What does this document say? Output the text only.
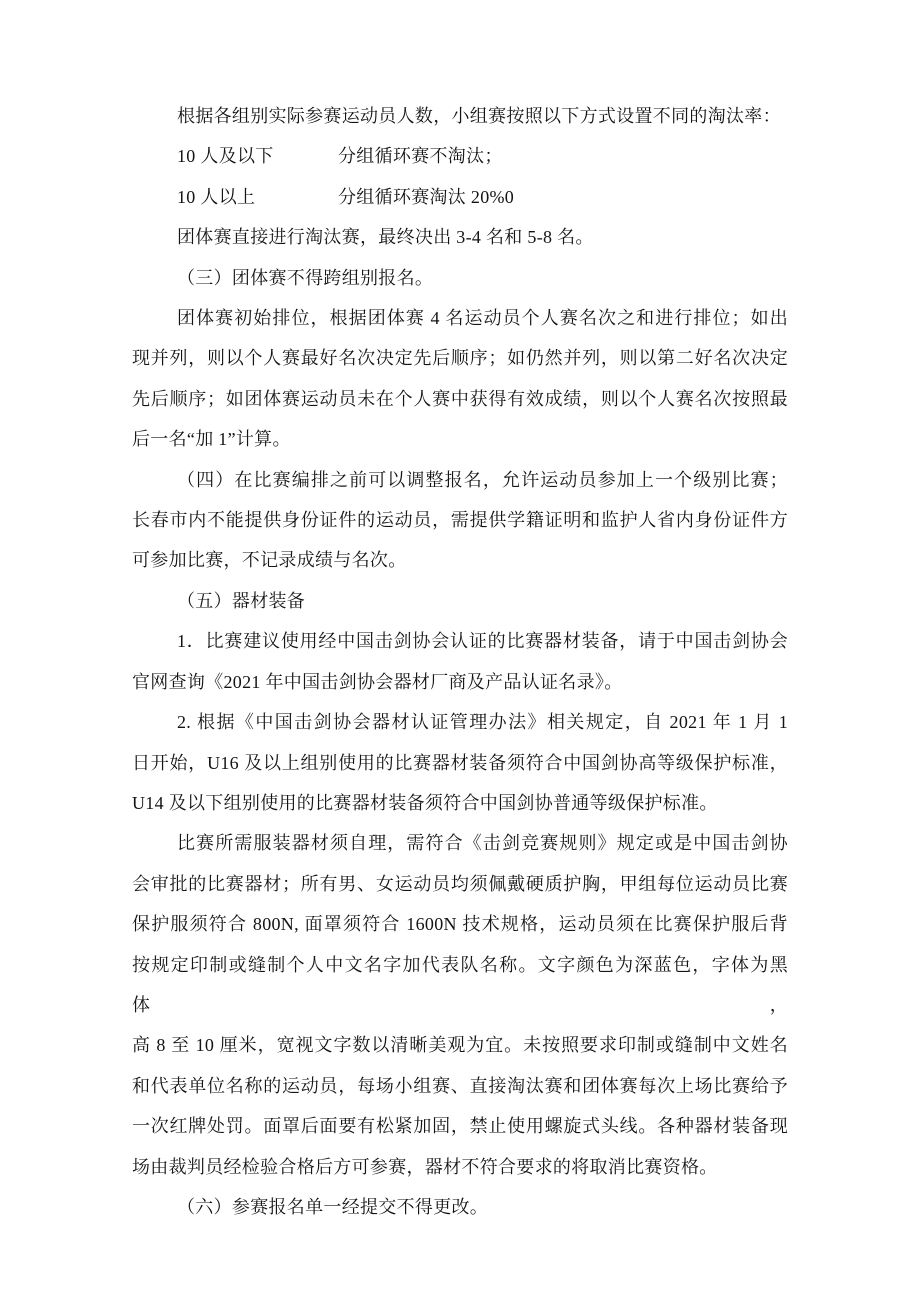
根据各组别实际参赛运动员人数，小组赛按照以下方式设置不同的淘汰率：
10 人及以下	分组循环赛不淘汰；
10 人以上	分组循环赛淘汰 20%0
团体赛直接进行淘汰赛，最终决出 3-4 名和 5-8 名。
（三）团体赛不得跨组别报名。
团体赛初始排位，根据团体赛 4 名运动员个人赛名次之和进行排位；如出
现并列，则以个人赛最好名次决定先后顺序；如仍然并列，则以第二好名次决定
先后顺序；如团体赛运动员未在个人赛中获得有效成绩，则以个人赛名次按照最
后一名“加 1”计算。
（四）在比赛编排之前可以调整报名，允许运动员参加上一个级别比赛；
长春市内不能提供身份证件的运动员，需提供学籍证明和监护人省内身份证件方
可参加比赛，不记录成绩与名次。
（五）器材装备
1．比赛建议使用经中国击剑协会认证的比赛器材装备，请于中国击剑协会
官网查询《2021 年中国击剑协会器材厂商及产品认证名录》。
2. 根据《中国击剑协会器材认证管理办法》相关规定，自 2021 年 1 月 1
日开始，U16 及以上组别使用的比赛器材装备须符合中国剑协高等级保护标准，
U14 及以下组别使用的比赛器材装备须符合中国剑协普通等级保护标准。
比赛所需服装器材须自理，需符合《击剑竞赛规则》规定或是中国击剑协
会审批的比赛器材；所有男、女运动员均须佩戴硬质护胸，甲组每位运动员比赛
保护服须符合 800N, 面罩须符合 1600N 技术规格，运动员须在比赛保护服后背
按规定印制或缝制个人中文名字加代表队名称。文字颜色为深蓝色，字体为黑体，
高 8 至 10 厘米，宽视文字数以清晰美观为宜。未按照要求印制或缝制中文姓名
和代表单位名称的运动员，每场小组赛、直接淘汰赛和团体赛每次上场比赛给予
一次红牌处罚。面罩后面要有松紧加固，禁止使用螺旋式头线。各种器材装备现
场由裁判员经检验合格后方可参赛，器材不符合要求的将取消比赛资格。
（六）参赛报名单一经提交不得更改。
